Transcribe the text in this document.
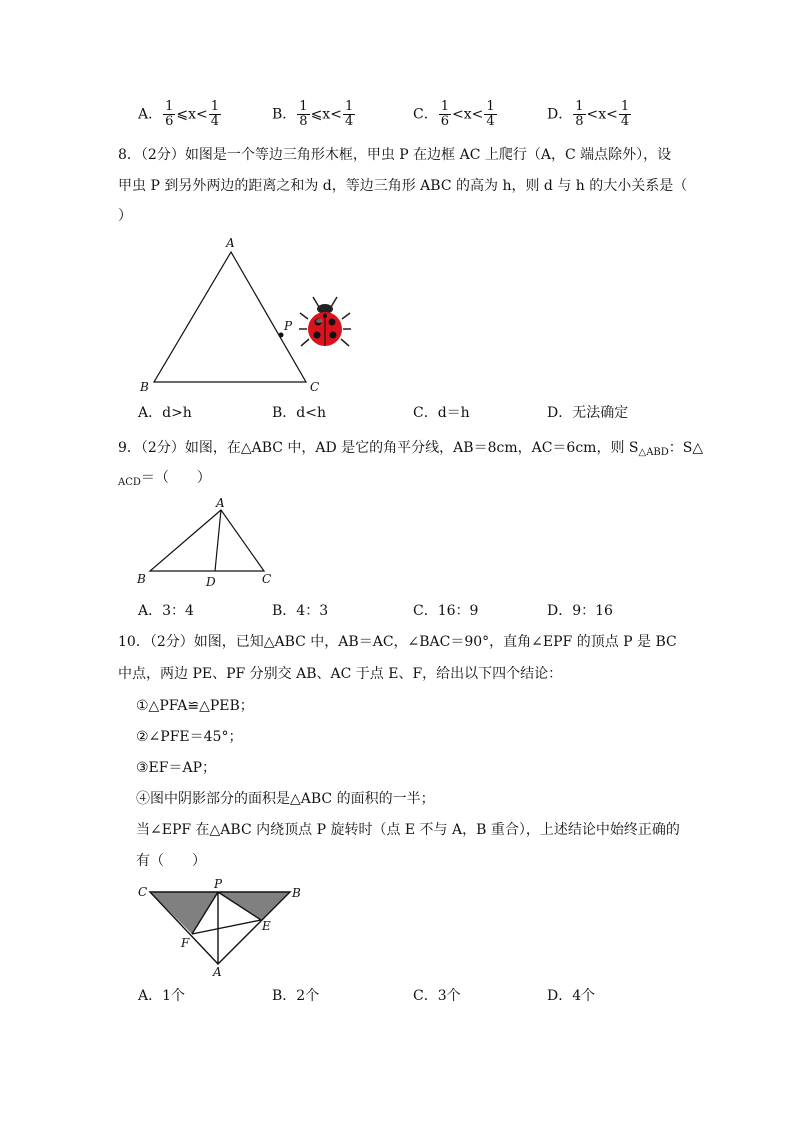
A． $\frac{1}{6}$ ⩽x< $\frac{1}{4}$	B． $\frac{1}{8}$ ⩽x< $\frac{1}{4}$	C． $\frac{1}{6} <x< \frac{1}{4}$	D． $\frac{1}{8} <x< \frac{1}{4}$
8．（2分）如图是一个等边三角形木框，甲虫 P 在边框 AC 上爬行（A，C 端点除外），设
甲虫 P 到另外两边的距离之和为 d，等边三角形 ABC 的高为 h，则 d 与 h 的大小关系是（
）
A
B	C
P
A．d>h	B．d<h	C．d＝h	D．无法确定
9．（2分）如图，在△ABC 中，AD 是它的角平分线，AB＝8cm，AC＝6cm，则 $S_{\triangle ABD}$：S△
$_{ACD}$＝（　　）
A
B	C
D
A．3：4	B．4：3	C．16：9	D．9：16
10．（2分）如图，已知△ABC 中，AB＝AC，∠BAC＝90°，直角∠EPF 的顶点 P 是 BC
中点，两边 PE、PF 分别交 AB、AC 于点 E、F，给出以下四个结论：
①△PFA≌△PEB；
②∠PFE＝45°；
③EF＝AP；
④图中阴影部分的面积是△ABC 的面积的一半；
当∠EPF 在△ABC 内绕顶点 P 旋转时（点 E 不与 A，B 重合），上述结论中始终正确的
有（　　）
C
P
B
F
E
A
A．1个	B．2个	C．3个	D．4个
